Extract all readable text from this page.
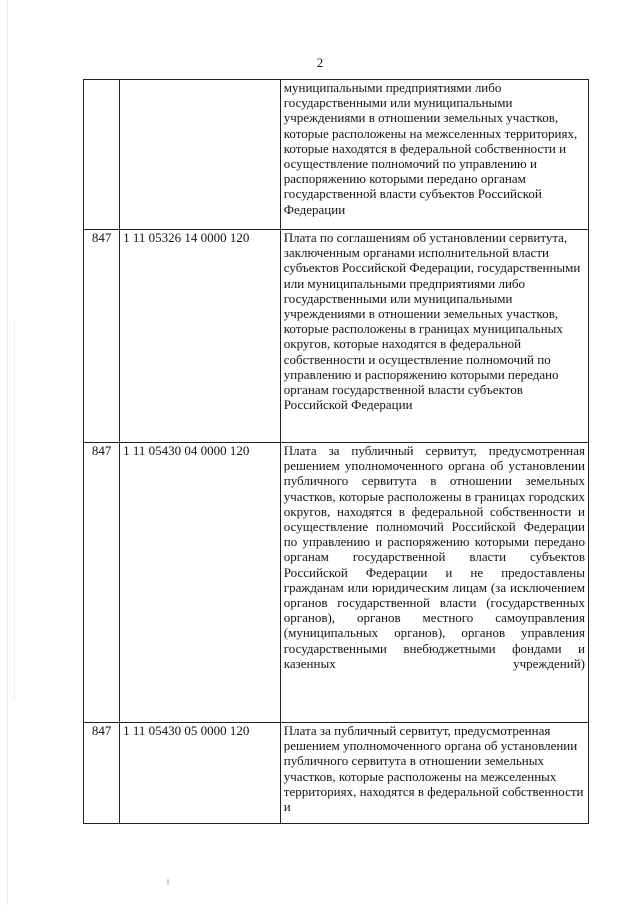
2
		муниципальными предприятиями либо государственными или муниципальными учреждениями в отношении земельных участков, которые расположены на межселенных территориях, которые находятся в федеральной собственности и осуществление полномочий по управлению и распоряжению которыми передано органам государственной власти субъектов Российской Федерации
847	1 11 05326 14 0000 120	Плата по соглашениям об установлении сервитута, заключенным органами исполнительной власти субъектов Российской Федерации, государственными или муниципальными предприятиями либо государственными или муниципальными учреждениями в отношении земельных участков, которые расположены в границах муниципальных округов, которые находятся в федеральной собственности и осуществление полномочий по управлению и распоряжению которыми передано органам государственной власти субъектов Российской Федерации
847	1 11 05430 04 0000 120	Плата за публичный сервитут, предусмотренная решением уполномоченного органа об установлении публичного сервитута в отношении земельных участков, которые расположены в границах городских округов, находятся в федеральной собственности и осуществление полномочий Российской Федерации по управлению и распоряжению которыми передано органам государственной власти субъектов Российской Федерации и не предоставлены гражданам или юридическим лицам (за исключением органов государственной власти (государственных органов), органов местного самоуправления (муниципальных органов), органов управления государственными внебюджетными фондами и казенных учреждений)
847	1 11 05430 05 0000 120	Плата за публичный сервитут, предусмотренная решением уполномоченного органа об установлении публичного сервитута в отношении земельных участков, которые расположены на межселенных территориях, находятся в федеральной собственности и
